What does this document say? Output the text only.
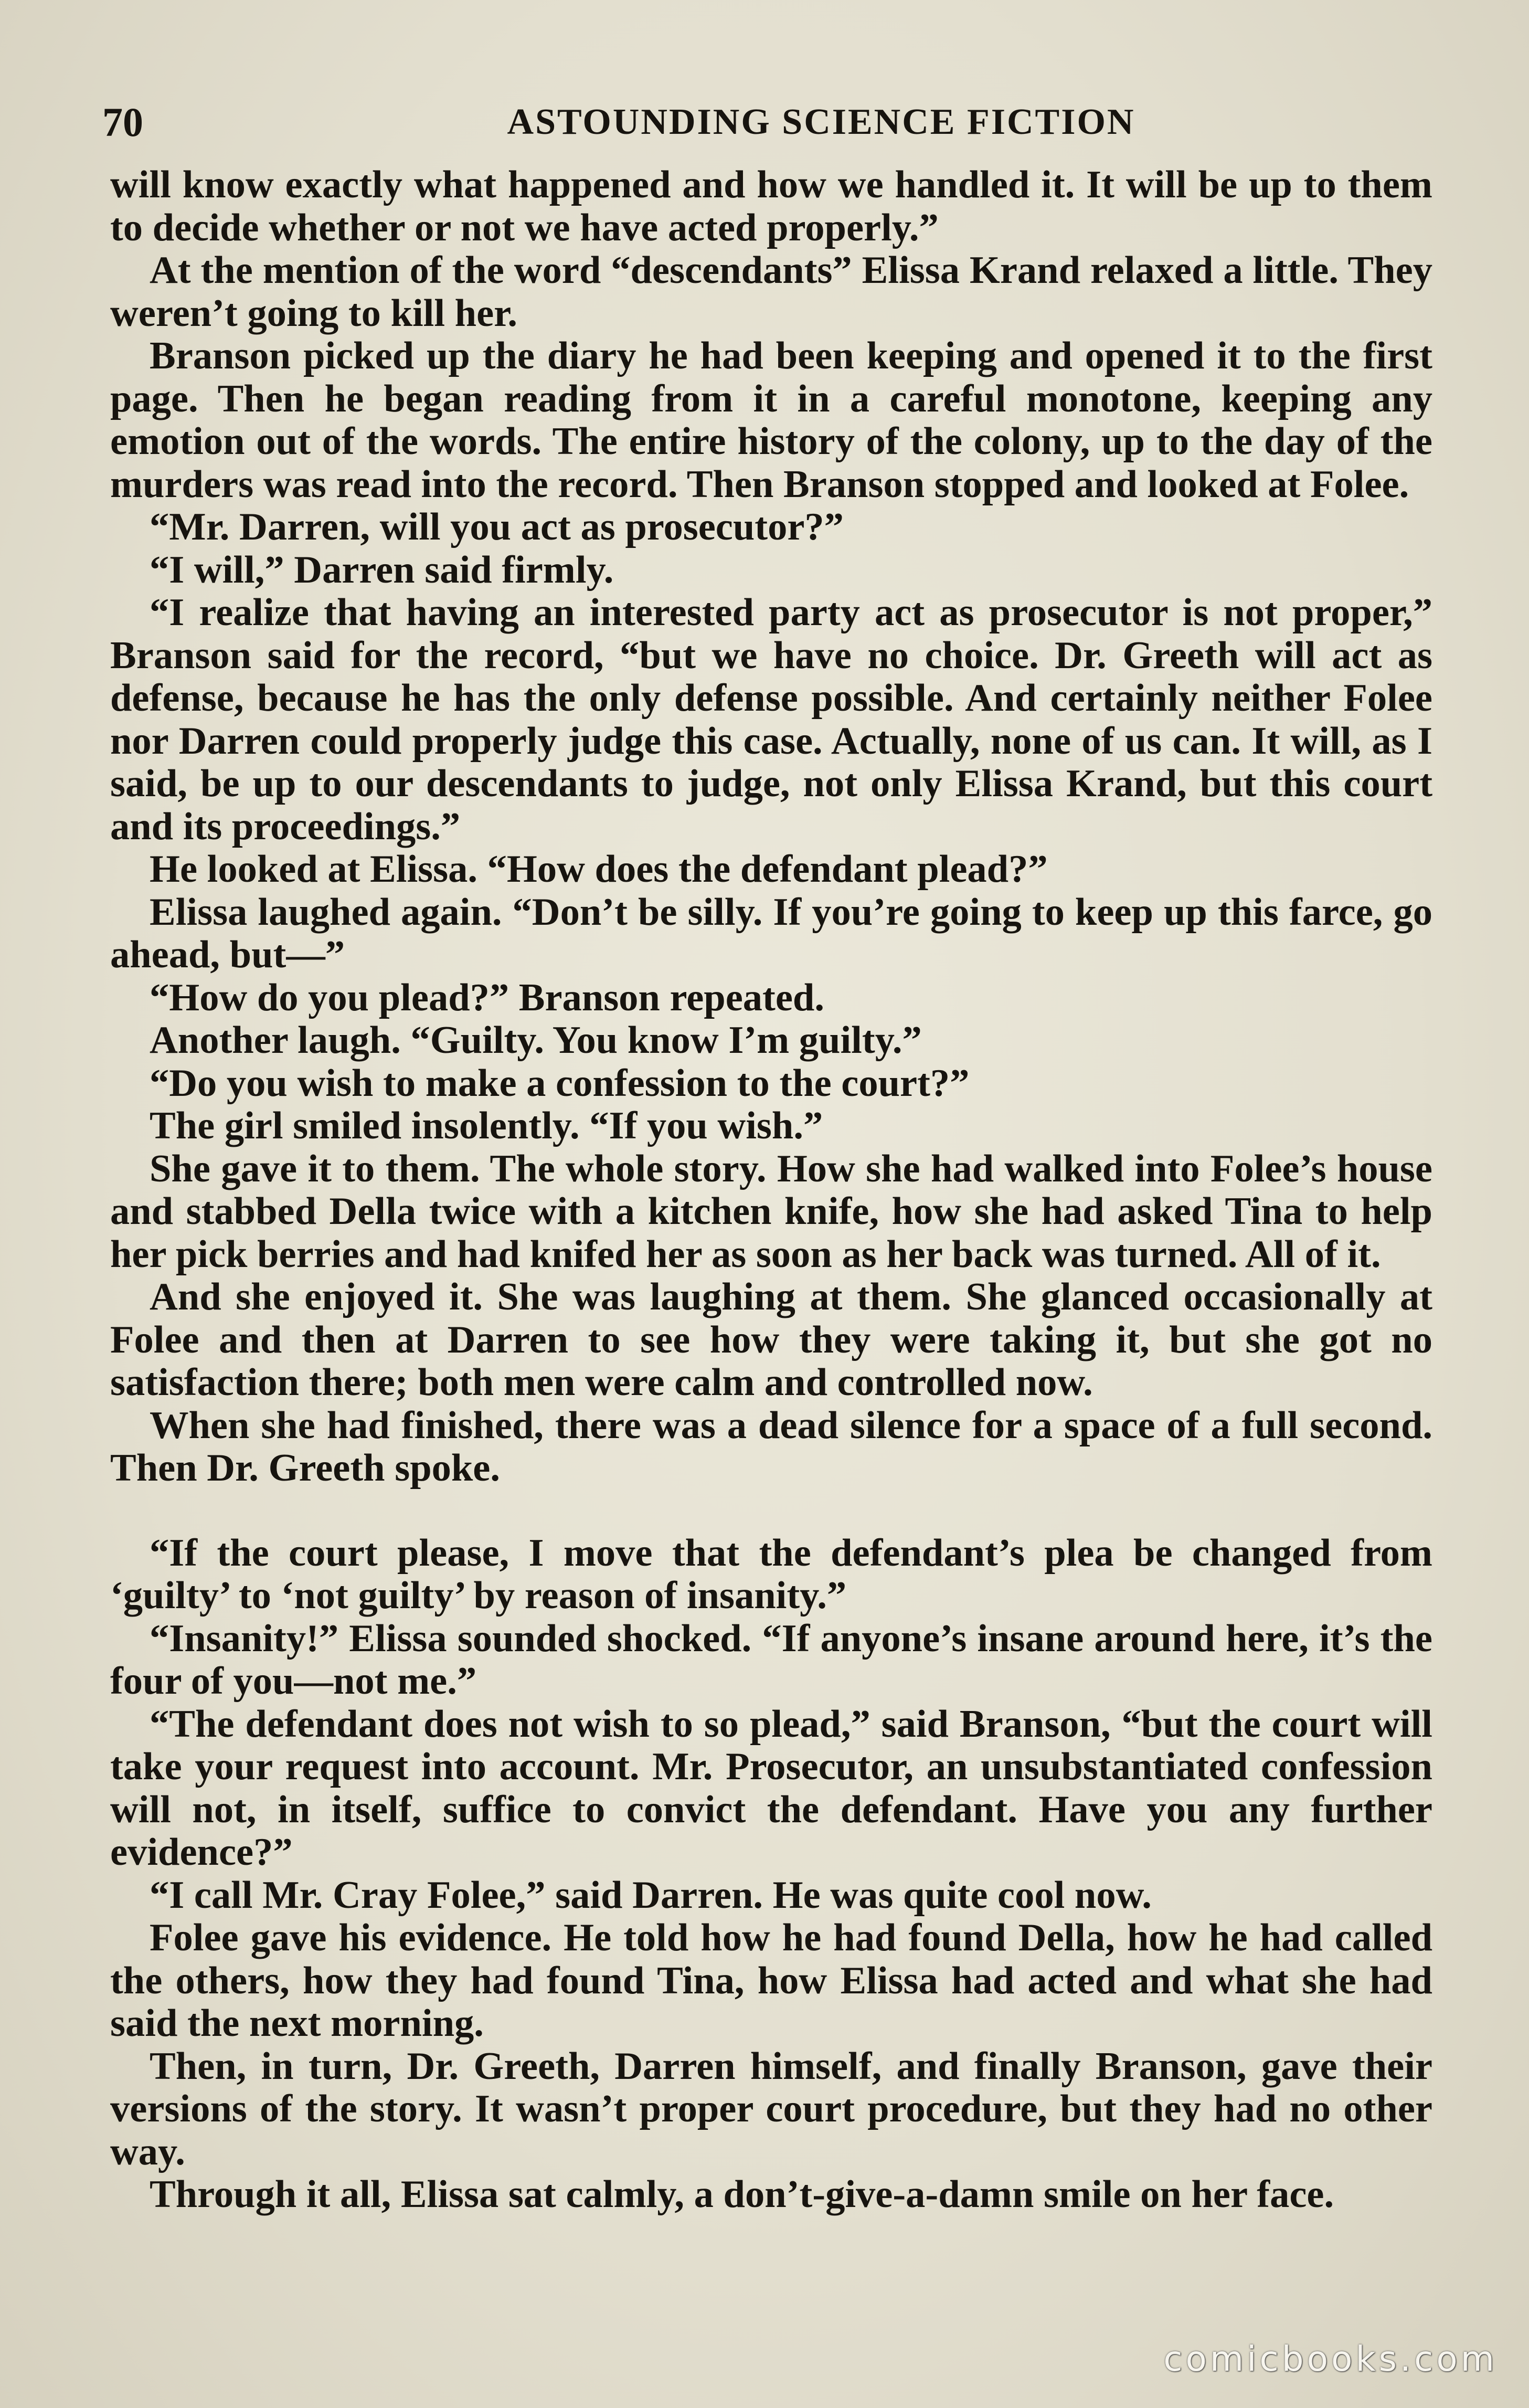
70	ASTOUNDING SCIENCE FICTION

will know exactly what happened and how we handled it. It will be up to them to decide whether or not we have acted properly.”

At the mention of the word “descendants” Elissa Krand relaxed a little. They weren’t going to kill her.

Branson picked up the diary he had been keeping and opened it to the first page. Then he began reading from it in a careful monotone, keeping any emotion out of the words. The entire history of the colony, up to the day of the murders was read into the record. Then Branson stopped and looked at Folee.

“Mr. Darren, will you act as prosecutor?”

“I will,” Darren said firmly.

“I realize that having an interested party act as prosecutor is not proper,” Branson said for the record, “but we have no choice. Dr. Greeth will act as defense, because he has the only defense possible. And certainly neither Folee nor Darren could properly judge this case. Actually, none of us can. It will, as I said, be up to our descendants to judge, not only Elissa Krand, but this court and its proceedings.”

He looked at Elissa. “How does the defendant plead?”

Elissa laughed again. “Don’t be silly. If you’re going to keep up this farce, go ahead, but—”

“How do you plead?” Branson repeated.

Another laugh. “Guilty. You know I’m guilty.”

“Do you wish to make a confession to the court?”

The girl smiled insolently. “If you wish.”

She gave it to them. The whole story. How she had walked into Folee’s house and stabbed Della twice with a kitchen knife, how she had asked Tina to help her pick berries and had knifed her as soon as her back was turned. All of it.

And she enjoyed it. She was laughing at them. She glanced occasionally at Folee and then at Darren to see how they were taking it, but she got no satisfaction there; both men were calm and controlled now.

When she had finished, there was a dead silence for a space of a full second. Then Dr. Greeth spoke.

“If the court please, I move that the defendant’s plea be changed from ‘guilty’ to ‘not guilty’ by reason of insanity.”

“Insanity!” Elissa sounded shocked. “If anyone’s insane around here, it’s the four of you—not me.”

“The defendant does not wish to so plead,” said Branson, “but the court will take your request into account. Mr. Prosecutor, an unsubstantiated confession will not, in itself, suffice to convict the defendant. Have you any further evidence?”

“I call Mr. Cray Folee,” said Darren. He was quite cool now.

Folee gave his evidence. He told how he had found Della, how he had called the others, how they had found Tina, how Elissa had acted and what she had said the next morning.

Then, in turn, Dr. Greeth, Darren himself, and finally Branson, gave their versions of the story. It wasn’t proper court procedure, but they had no other way.

Through it all, Elissa sat calmly, a don’t-give-a-damn smile on her face.

comicbooks.com
